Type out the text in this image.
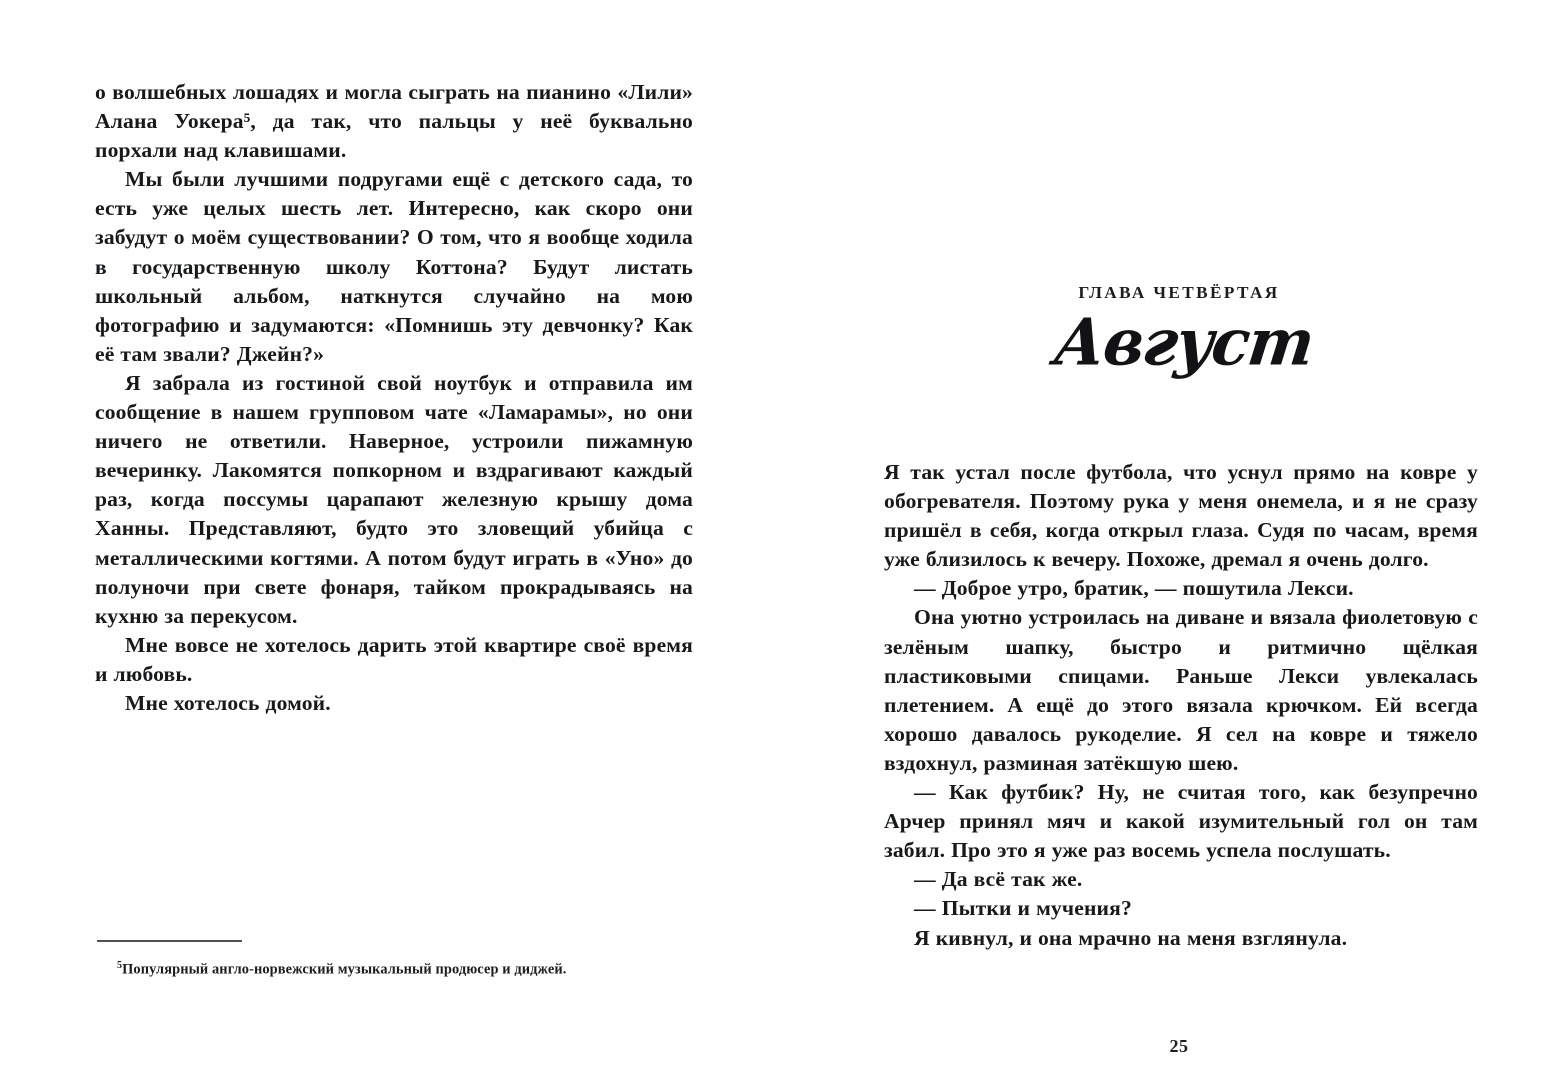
о волшебных лошадях и могла сыграть на пианино «Лили» Алана Уокера⁵, да так, что пальцы у неё буквально порхали над клавишами.

Мы были лучшими подругами ещё с детского сада, то есть уже целых шесть лет. Интересно, как скоро они забудут о моём существовании? О том, что я вообще ходила в государственную школу Коттона? Будут листать школьный альбом, наткнутся случайно на мою фотографию и задумаются: «Помнишь эту девчонку? Как её там звали? Джейн?»

Я забрала из гостиной свой ноутбук и отправила им сообщение в нашем групповом чате «Ламарамы», но они ничего не ответили. Наверное, устроили пижамную вечеринку. Лакомятся попкорном и вздрагивают каждый раз, когда поссумы царапают железную крышу дома Ханны. Представляют, будто это зловещий убийца с металлическими когтями. А потом будут играть в «Уно» до полуночи при свете фонаря, тайком прокрадываясь на кухню за перекусом.

Мне вовсе не хотелось дарить этой квартире своё время и любовь.

Мне хотелось домой.

$^5$Популярный англо-норвежский музыкальный продюсер и диджей.
ГЛАВА ЧЕТВЁРТАЯ
Август

Я так устал после футбола, что уснул прямо на ковре у обогревателя. Поэтому рука у меня онемела, и я не сразу пришёл в себя, когда открыл глаза. Судя по часам, время уже близилось к вечеру. Похоже, дремал я очень долго.

— Доброе утро, братик, — пошутила Лекси.

Она уютно устроилась на диване и вязала фиолетовую с зелёным шапку, быстро и ритмично щёлкая пластиковыми спицами. Раньше Лекси увлекалась плетением. А ещё до этого вязала крючком. Ей всегда хорошо давалось рукоделие. Я сел на ковре и тяжело вздохнул, разминая затёкшую шею.

— Как футбик? Ну, не считая того, как безупречно Арчер принял мяч и какой изумительный гол он там забил. Про это я уже раз восемь успела послушать.

— Да всё так же.

— Пытки и мучения?

Я кивнул, и она мрачно на меня взглянула.

25
